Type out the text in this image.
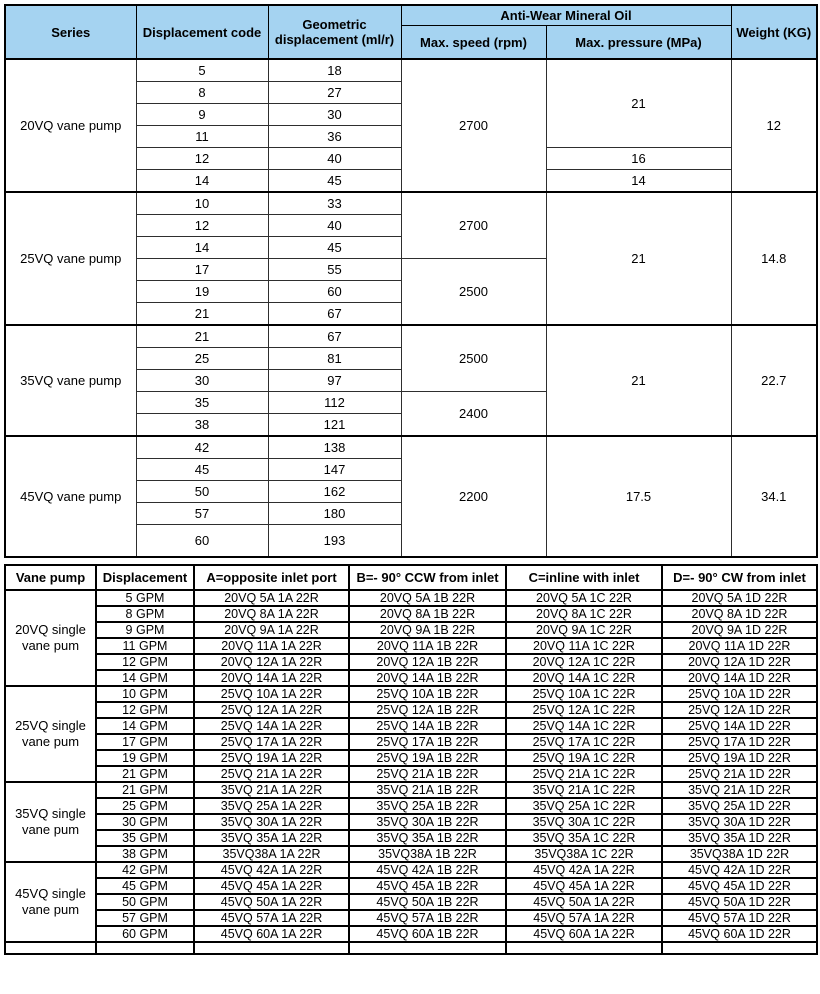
Series	Displacement code	Geometric displacement (ml/r)	Anti-Wear Mineral Oil		Weight (KG)
			Max. speed (rpm)	Max. pressure (MPa)	
20VQ vane pump	5	18	2700	21	12
	8	27			
	9	30			
	11	36			
	12	40		16	
	14	45		14	
25VQ vane pump	10	33	2700	21	14.8
	12	40			
	14	45			
	17	55	2500		
	19	60			
	21	67			
35VQ vane pump	21	67	2500	21	22.7
	25	81			
	30	97			
	35	112	2400		
	38	121			
45VQ vane pump	42	138	2200	17.5	34.1
	45	147			
	50	162			
	57	180			
	60	193			
Vane pump	Displacement	A=opposite inlet port	B=- 90° CCW from inlet	C=inline with inlet	D=- 90° CW from inlet
20VQ single vane pum	5 GPM	20VQ 5A 1A 22R	20VQ 5A 1B 22R	20VQ 5A 1C 22R	20VQ 5A 1D 22R
	8 GPM	20VQ 8A 1A 22R	20VQ 8A 1B 22R	20VQ 8A 1C 22R	20VQ 8A 1D 22R
	9 GPM	20VQ 9A 1A 22R	20VQ 9A 1B 22R	20VQ 9A 1C 22R	20VQ 9A 1D 22R
	11 GPM	20VQ 11A 1A 22R	20VQ 11A 1B 22R	20VQ 11A 1C 22R	20VQ 11A 1D 22R
	12 GPM	20VQ 12A 1A 22R	20VQ 12A 1B 22R	20VQ 12A 1C 22R	20VQ 12A 1D 22R
	14 GPM	20VQ 14A 1A 22R	20VQ 14A 1B 22R	20VQ 14A 1C 22R	20VQ 14A 1D 22R
25VQ single vane pum	10 GPM	25VQ 10A 1A 22R	25VQ 10A 1B 22R	25VQ 10A 1C 22R	25VQ 10A 1D 22R
	12 GPM	25VQ 12A 1A 22R	25VQ 12A 1B 22R	25VQ 12A 1C 22R	25VQ 12A 1D 22R
	14 GPM	25VQ 14A 1A 22R	25VQ 14A 1B 22R	25VQ 14A 1C 22R	25VQ 14A 1D 22R
	17 GPM	25VQ 17A 1A 22R	25VQ 17A 1B 22R	25VQ 17A 1C 22R	25VQ 17A 1D 22R
	19 GPM	25VQ 19A 1A 22R	25VQ 19A 1B 22R	25VQ 19A 1C 22R	25VQ 19A 1D 22R
	21 GPM	25VQ 21A 1A 22R	25VQ 21A 1B 22R	25VQ 21A 1C 22R	25VQ 21A 1D 22R
35VQ single vane pum	21 GPM	35VQ 21A 1A 22R	35VQ 21A 1B 22R	35VQ 21A 1C 22R	35VQ 21A 1D 22R
	25 GPM	35VQ 25A 1A 22R	35VQ 25A 1B 22R	35VQ 25A 1C 22R	35VQ 25A 1D 22R
	30 GPM	35VQ 30A 1A 22R	35VQ 30A 1B 22R	35VQ 30A 1C 22R	35VQ 30A 1D 22R
	35 GPM	35VQ 35A 1A 22R	35VQ 35A 1B 22R	35VQ 35A 1C 22R	35VQ 35A 1D 22R
	38 GPM	35VQ38A 1A 22R	35VQ38A 1B 22R	35VQ38A 1C 22R	35VQ38A 1D 22R
45VQ single vane pum	42 GPM	45VQ 42A 1A 22R	45VQ 42A 1B 22R	45VQ 42A 1A 22R	45VQ 42A 1D 22R
	45 GPM	45VQ 45A 1A 22R	45VQ 45A 1B 22R	45VQ 45A 1A 22R	45VQ 45A 1D 22R
	50 GPM	45VQ 50A 1A 22R	45VQ 50A 1B 22R	45VQ 50A 1A 22R	45VQ 50A 1D 22R
	57 GPM	45VQ 57A 1A 22R	45VQ 57A 1B 22R	45VQ 57A 1A 22R	45VQ 57A 1D 22R
	60 GPM	45VQ 60A 1A 22R	45VQ 60A 1B 22R	45VQ 60A 1A 22R	45VQ 60A 1D 22R
